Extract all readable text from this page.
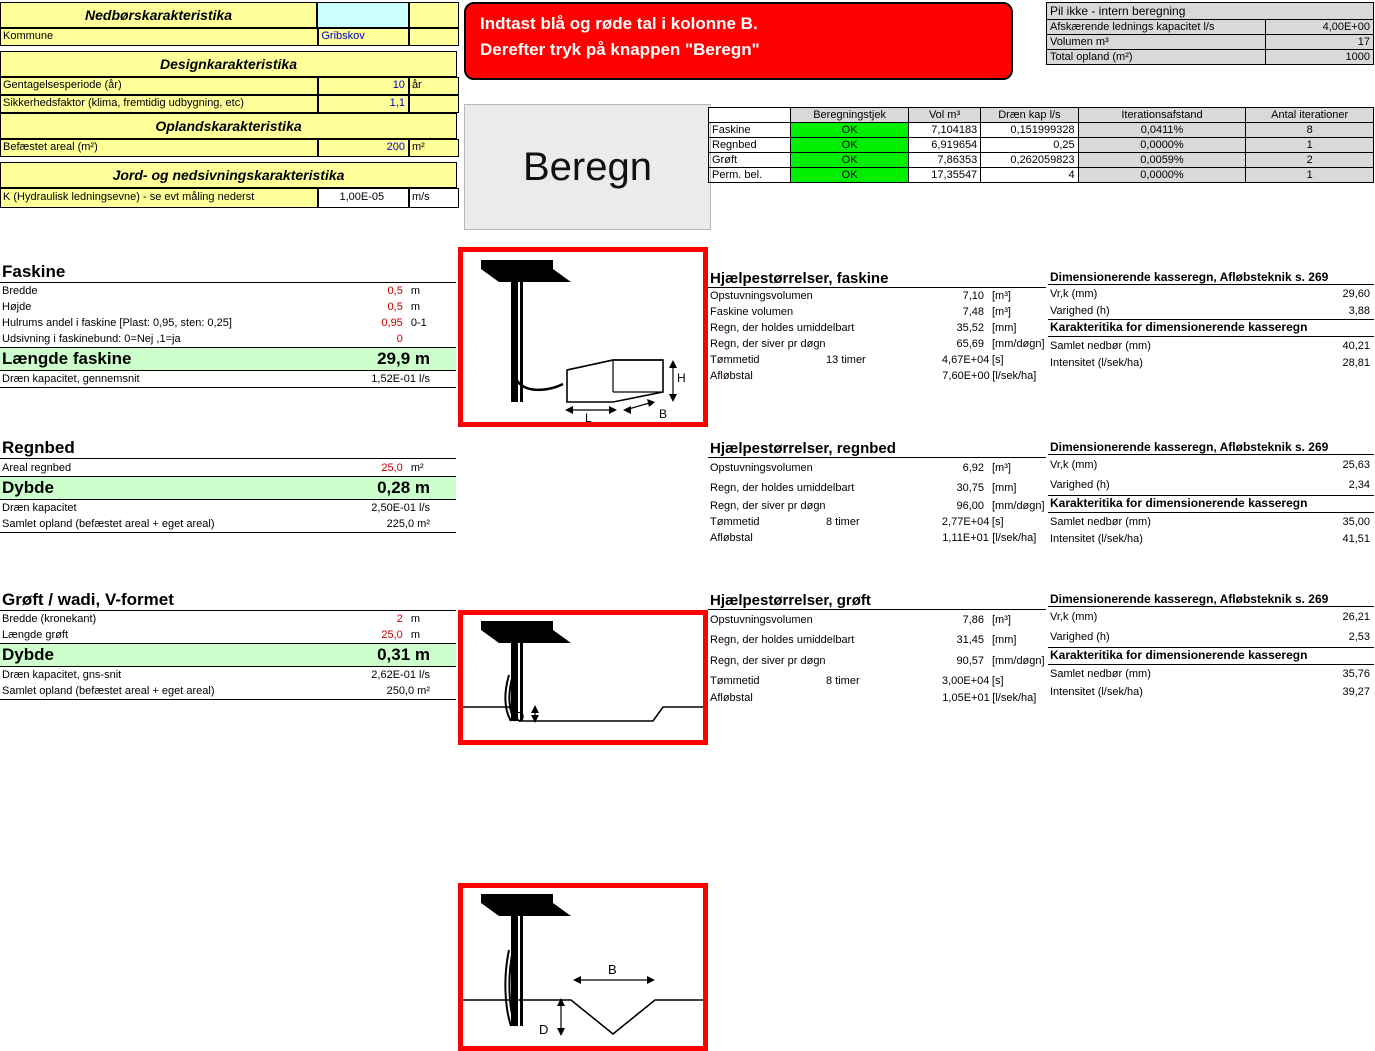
Nedbørskarakteristika
Kommune	Gribskov
Designkarakteristika
Gentagelsesperiode (år)	10 år
Sikkerhedsfaktor (klima, fremtidig udbygning, etc)	1,1
Oplandskarakteristika
Befæstet areal (m²)	200 m²
Jord- og nedsivningskarakteristika
K (Hydraulisk ledningsevne) - se evt måling nederst	1,00E-05	m/s
Indtast blå og røde tal i kolonne B.
Derefter tryk på knappen "Beregn"
Beregn
Pil ikke - intern beregning	
Afskærende lednings kapacitet l/s	4,00E+00
Volumen m³	17
Total opland (m²)	1000
	Beregningstjek	Vol m³	Dræn kap l/s	Iterationsafstand	Antal iterationer
Faskine	OK	7,104183	0,151999328	0,0411%	8
Regnbed	OK	6,919654	0,25	0,0000%	1
Grøft	OK	7,86353	0,262059823	0,0059%	2
Perm. bel.	OK	17,35547	4	0,0000%	1
Faskine
Bredde	0,5 m
Højde	0,5 m
Hulrums andel i faskine [Plast: 0,95, sten: 0,25]	0,95 0-1
Udsivning i faskinebund: 0=Nej ,1=ja	0
Længde faskine	29,9 m
Dræn kapacitet, gennemsnit	1,52E-01 l/s
Regnbed
Areal regnbed	25,0 m²
Dybde	0,28 m
Dræn kapacitet	2,50E-01 l/s
Samlet opland (befæstet areal + eget areal)	225,0 m²
Grøft / wadi, V-formet
Bredde (kronekant)	2 m
Længde grøft	25,0 m
Dybde	0,31 m
Dræn kapacitet, gns-snit	2,62E-01 l/s
Samlet opland (befæstet areal + eget areal)	250,0 m²
H
L	B
D
B
D
Hjælpestørrelser, faskine
Opstuvningsvolumen	7,10 [m³]
Faskine volumen	7,48 [m³]
Regn, der holdes umiddelbart	35,52 [mm]
Regn, der siver pr døgn	65,69 [mm/døgn]
Tømmetid	13 timer	4,67E+04 [s]
Afløbstal	7,60E+00 [l/sek/ha]
Hjælpestørrelser, regnbed
Opstuvningsvolumen	6,92 [m³]
Regn, der holdes umiddelbart	30,75 [mm]
Regn, der siver pr døgn	96,00 [mm/døgn]
Tømmetid	8 timer	2,77E+04 [s]
Afløbstal	1,11E+01 [l/sek/ha]
Hjælpestørrelser, grøft
Opstuvningsvolumen	7,86 [m³]
Regn, der holdes umiddelbart	31,45 [mm]
Regn, der siver pr døgn	90,57 [mm/døgn]
Tømmetid	8 timer	3,00E+04 [s]
Afløbstal	1,05E+01 [l/sek/ha]
Dimensionerende kasseregn, Afløbsteknik s. 269
Vr,k (mm)	29,60
Varighed (h)	3,88
Karakteritika for dimensionerende kasseregn
Samlet nedbør (mm)	40,21
Intensitet (l/sek/ha)	28,81
Dimensionerende kasseregn, Afløbsteknik s. 269
Vr,k (mm)	25,63
Varighed (h)	2,34
Karakteritika for dimensionerende kasseregn
Samlet nedbør (mm)	35,00
Intensitet (l/sek/ha)	41,51
Dimensionerende kasseregn, Afløbsteknik s. 269
Vr,k (mm)	26,21
Varighed (h)	2,53
Karakteritika for dimensionerende kasseregn
Samlet nedbør (mm)	35,76
Intensitet (l/sek/ha)	39,27
